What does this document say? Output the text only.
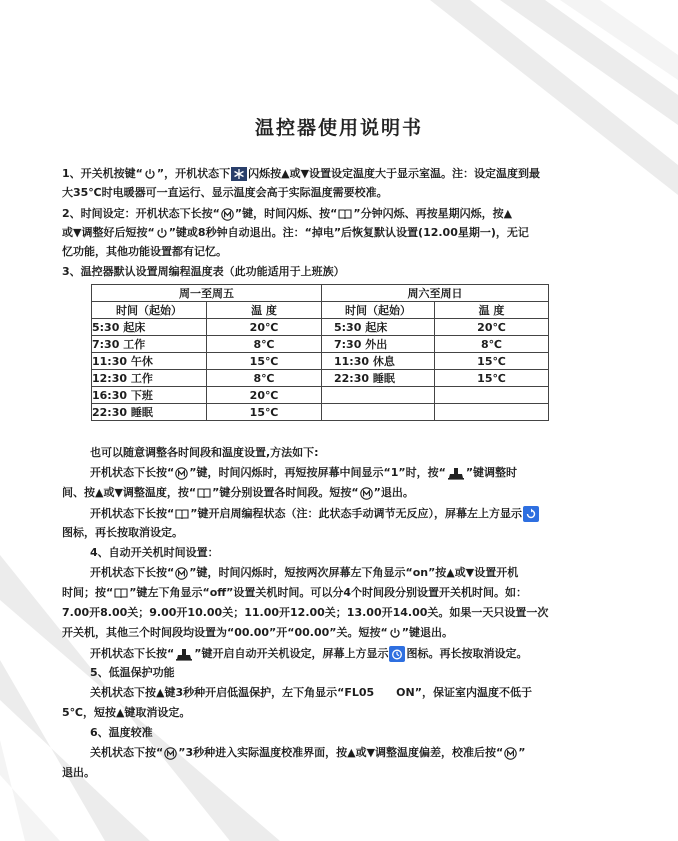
温控器使用说明书
1、开关机按键“ ”，开机状态下 闪烁按▲或▼设置设定温度大于显示室温。注：设定温度到最
大35℃时电暖器可一直运行、显示温度会高于实际温度需要校准。
2、时间设定：开机状态下长按“ ”键，时间闪烁、按“ ”分钟闪烁、再按星期闪烁，按▲
或▼调整好后短按“ ”键或8秒钟自动退出。注：“掉电”后恢复默认设置(12.00星期一)，无记
忆功能，其他功能设置都有记忆。
3、温控器默认设置周编程温度表（此功能适用于上班族）
周一至周五		周六至周日	
时间（起始）	温 度	时间（起始）	温 度
5:30 起床	20℃	5:30 起床	20℃
7:30 工作	8℃	7:30 外出	8℃
11:30 午休	15℃	11:30 休息	15℃
12:30 工作	8℃	22:30 睡眠	15℃
16:30 下班	20℃		
22:30 睡眠	15℃		
也可以随意调整各时间段和温度设置,方法如下:
开机状态下长按“ ”键，时间闪烁时，再短按屏幕中间显示“1”时，按“ ”键调整时
间、按▲或▼调整温度，按“ ”键分别设置各时间段。短按“ ”退出。
开机状态下长按“ ”键开启周编程状态（注：此状态手动调节无反应），屏幕左上方显示
图标，再长按取消设定。
4、自动开关机时间设置：
开机状态下长按“ ”键，时间闪烁时，短按两次屏幕左下角显示“on”按▲或▼设置开机
时间；按“ ”键左下角显示“off”设置关机时间。可以分4个时间段分别设置开关机时间。如：
7.00开8.00关；9.00开10.00关；11.00开12.00关；13.00开14.00关。如果一天只设置一次
开关机，其他三个时间段均设置为“00.00”开“00.00”关。短按“ ”键退出。
开机状态下长按“ ”键开启自动开关机设定，屏幕上方显示 图标。再长按取消设定。
5、低温保护功能
关机状态下按▲键3秒种开启低温保护，左下角显示“FL05　　ON”，保证室内温度不低于
5℃，短按▲键取消设定。
6、温度较准
关机状态下按“ ”3秒种进入实际温度校准界面，按▲或▼调整温度偏差，校准后按“ ”
退出。
